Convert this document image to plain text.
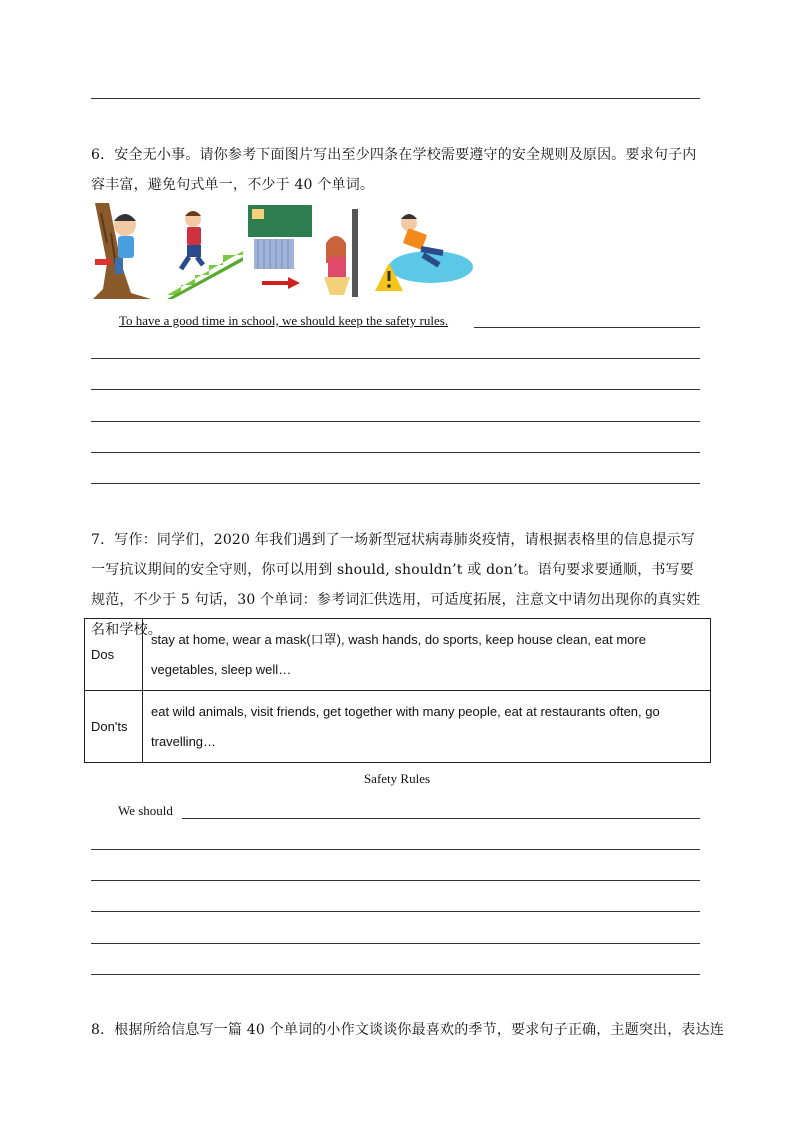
6．安全无小事。请你参考下面图片写出至少四条在学校需要遵守的安全规则及原因。要求句子内容丰富，避免句式单一，不少于 40 个单词。
To have a good time in school, we should keep the safety rules.
7．写作：同学们，2020 年我们遇到了一场新型冠状病毒肺炎疫情，请根据表格里的信息提示写一写抗议期间的安全守则，你可以用到 should, shouldn’t 或 don’t。语句要求要通顺，书写要规范，不少于 5 句话，30 个单词：参考词汇供选用，可适度拓展，注意文中请勿出现你的真实姓名和学校。
Dos	stay at home, wear a mask(口罩), wash hands, do sports, keep house clean, eat more vegetables, sleep well…
Don'ts	eat wild animals, visit friends, get together with many people, eat at restaurants often, go travelling…
Safety Rules
We should
8．根据所给信息写一篇 40 个单词的小作文谈谈你最喜欢的季节，要求句子正确，主题突出，表达连
